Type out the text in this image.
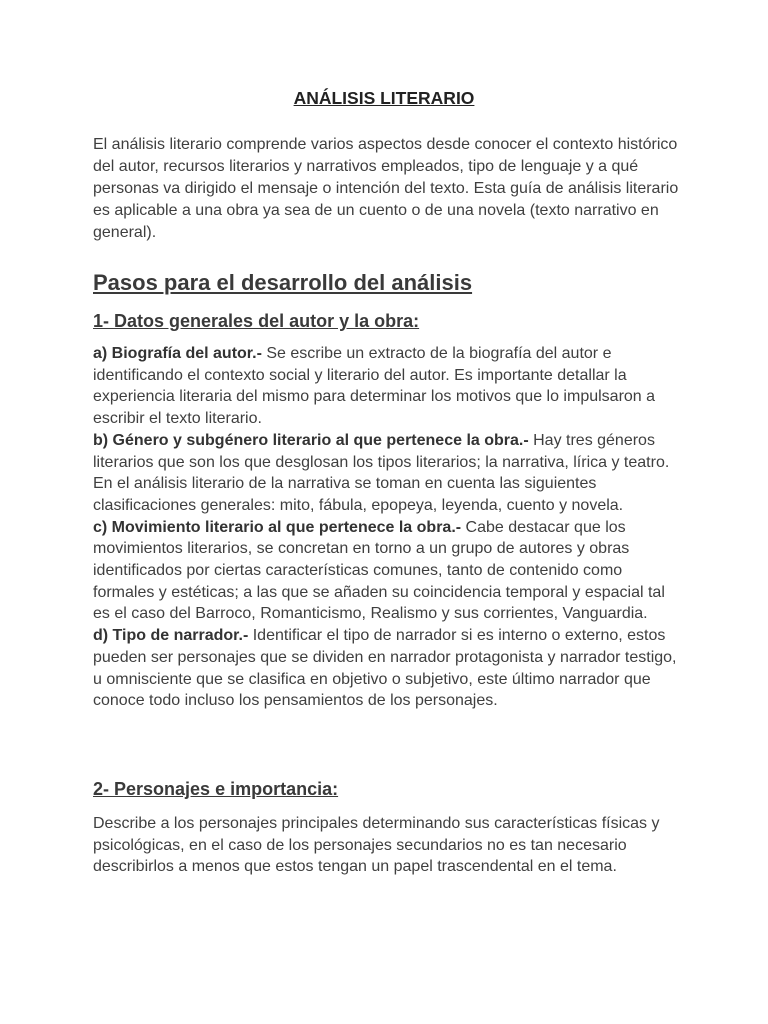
ANÁLISIS LITERARIO

El análisis literario comprende varios aspectos desde conocer el contexto histórico del autor, recursos literarios y narrativos empleados, tipo de lenguaje y a qué personas va dirigido el mensaje o intención del texto. Esta guía de análisis literario es aplicable a una obra ya sea de un cuento o de una novela (texto narrativo en general).

Pasos para el desarrollo del análisis
1- Datos generales del autor y la obra:

a) Biografía del autor.- Se escribe un extracto de la biografía del autor e identificando el contexto social y literario del autor. Es importante detallar la experiencia literaria del mismo para determinar los motivos que lo impulsaron a escribir el texto literario.

b) Género y subgénero literario al que pertenece la obra.- Hay tres géneros literarios que son los que desglosan los tipos literarios; la narrativa, lírica y teatro.

En el análisis literario de la narrativa se toman en cuenta las siguientes clasificaciones generales: mito, fábula, epopeya, leyenda, cuento y novela.

c) Movimiento literario al que pertenece la obra.- Cabe destacar que los movimientos literarios, se concretan en torno a un grupo de autores y obras identificados por ciertas características comunes, tanto de contenido como formales y estéticas; a las que se añaden su coincidencia temporal y espacial tal es el caso del Barroco, Romanticismo, Realismo y sus corrientes, Vanguardia.

d) Tipo de narrador.- Identificar el tipo de narrador si es interno o externo, estos pueden ser personajes que se dividen en narrador protagonista y narrador testigo, u omnisciente que se clasifica en objetivo o subjetivo, este último narrador que conoce todo incluso los pensamientos de los personajes.

2- Personajes e importancia:

Describe a los personajes principales determinando sus características físicas y psicológicas, en el caso de los personajes secundarios no es tan necesario describirlos a menos que estos tengan un papel trascendental en el tema.
